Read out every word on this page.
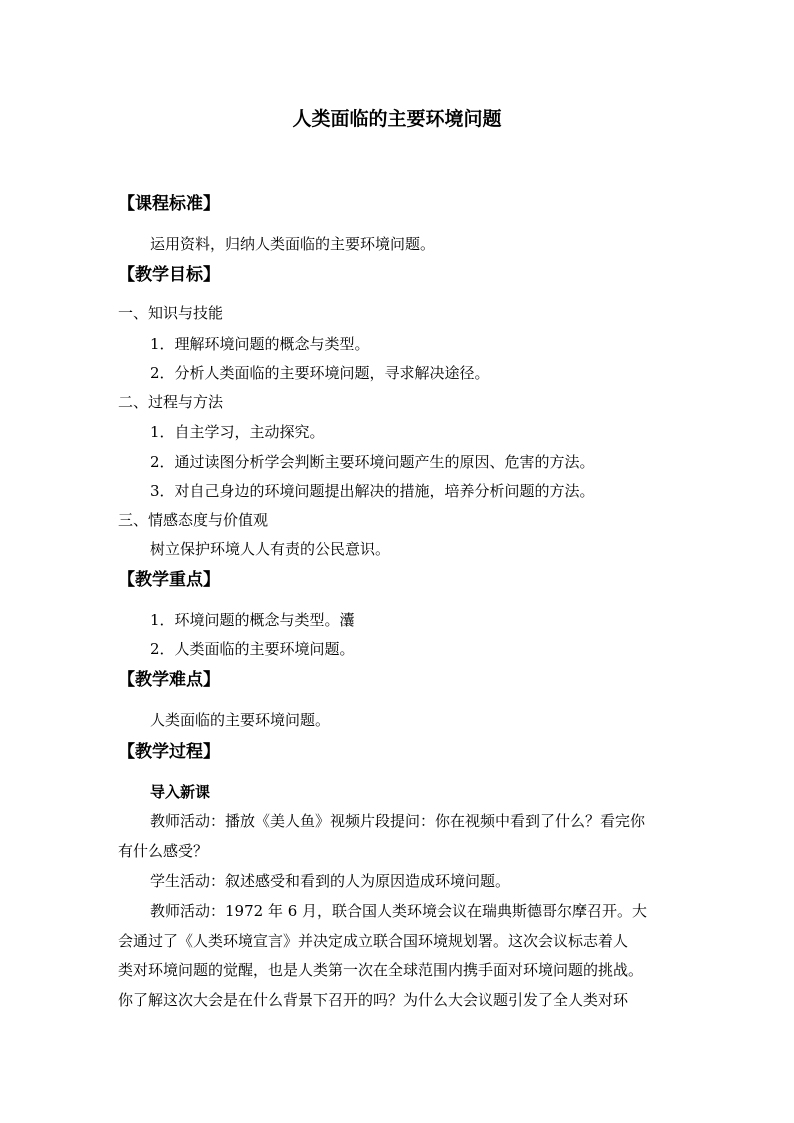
人类面临的主要环境问题
【课程标准】
运用资料，归纳人类面临的主要环境问题。
【教学目标】
一、知识与技能
1．理解环境问题的概念与类型。
2．分析人类面临的主要环境问题，寻求解决途径。
二、过程与方法
1．自主学习，主动探究。
2．通过读图分析学会判断主要环境问题产生的原因、危害的方法。
3．对自己身边的环境问题提出解决的措施，培养分析问题的方法。
三、情感态度与价值观
树立保护环境人人有责的公民意识。
【教学重点】
1．环境问题的概念与类型。灢
2．人类面临的主要环境问题。
【教学难点】
人类面临的主要环境问题。
【教学过程】
导入新课
教师活动：播放《美人鱼》视频片段提问：你在视频中看到了什么？看完你
有什么感受？
学生活动：叙述感受和看到的人为原因造成环境问题。
教师活动：1972 年 6 月，联合国人类环境会议在瑞典斯德哥尔摩召开。大
会通过了《人类环境宣言》并决定成立联合国环境规划署。这次会议标志着人
类对环境问题的觉醒，也是人类第一次在全球范围内携手面对环境问题的挑战。
你了解这次大会是在什么背景下召开的吗？为什么大会议题引发了全人类对环
